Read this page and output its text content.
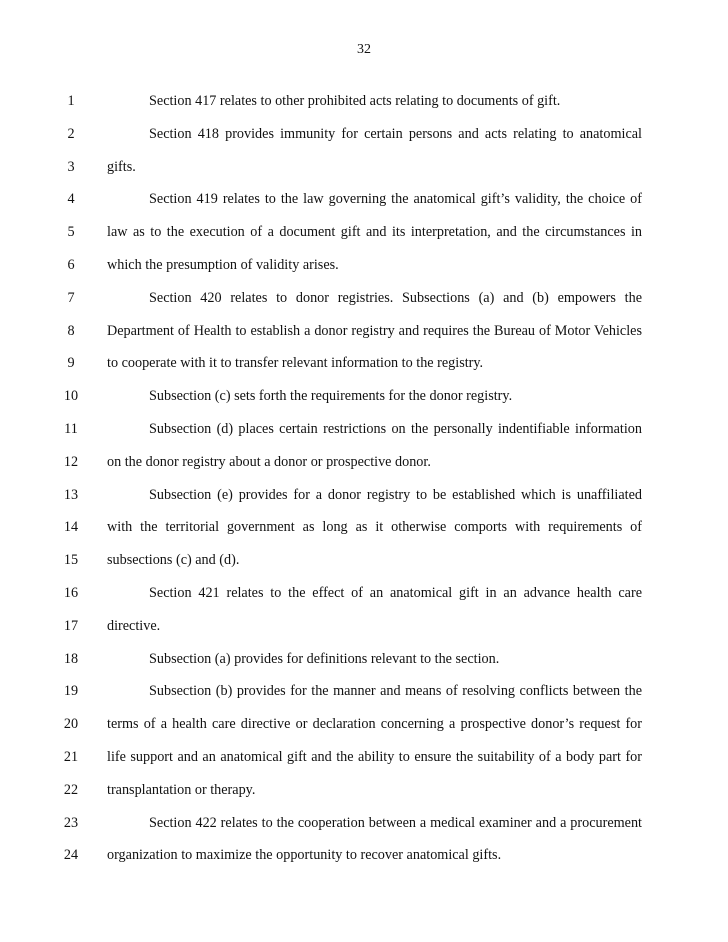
32
1	Section 417 relates to other prohibited acts relating to documents of gift.
2	Section 418 provides immunity for certain persons and acts relating to anatomical
3	gifts.
4	Section 419 relates to the law governing the anatomical gift’s validity, the choice of
5	law as to the execution of a document gift and its interpretation, and the circumstances in
6	which the presumption of validity arises.
7	Section 420 relates to donor registries. Subsections (a) and (b) empowers the
8	Department of Health to establish a donor registry and requires the Bureau of Motor Vehicles
9	to cooperate with it to transfer relevant information to the registry.
10	Subsection (c) sets forth the requirements for the donor registry.
11	Subsection (d) places certain restrictions on the personally indentifiable information
12	on the donor registry about a donor or prospective donor.
13	Subsection (e) provides for a donor registry to be established which is unaffiliated
14	with the territorial government as long as it otherwise comports with requirements of
15	subsections (c) and (d).
16	Section 421 relates to the effect of an anatomical gift in an advance health care
17	directive.
18	Subsection (a) provides for definitions relevant to the section.
19	Subsection (b) provides for the manner and means of resolving conflicts between the
20	terms of a health care directive or declaration concerning a prospective donor’s request for
21	life support and an anatomical gift and the ability to ensure the suitability of a body part for
22	transplantation or therapy.
23	Section 422 relates to the cooperation between a medical examiner and a procurement
24	organization to maximize the opportunity to recover anatomical gifts.
